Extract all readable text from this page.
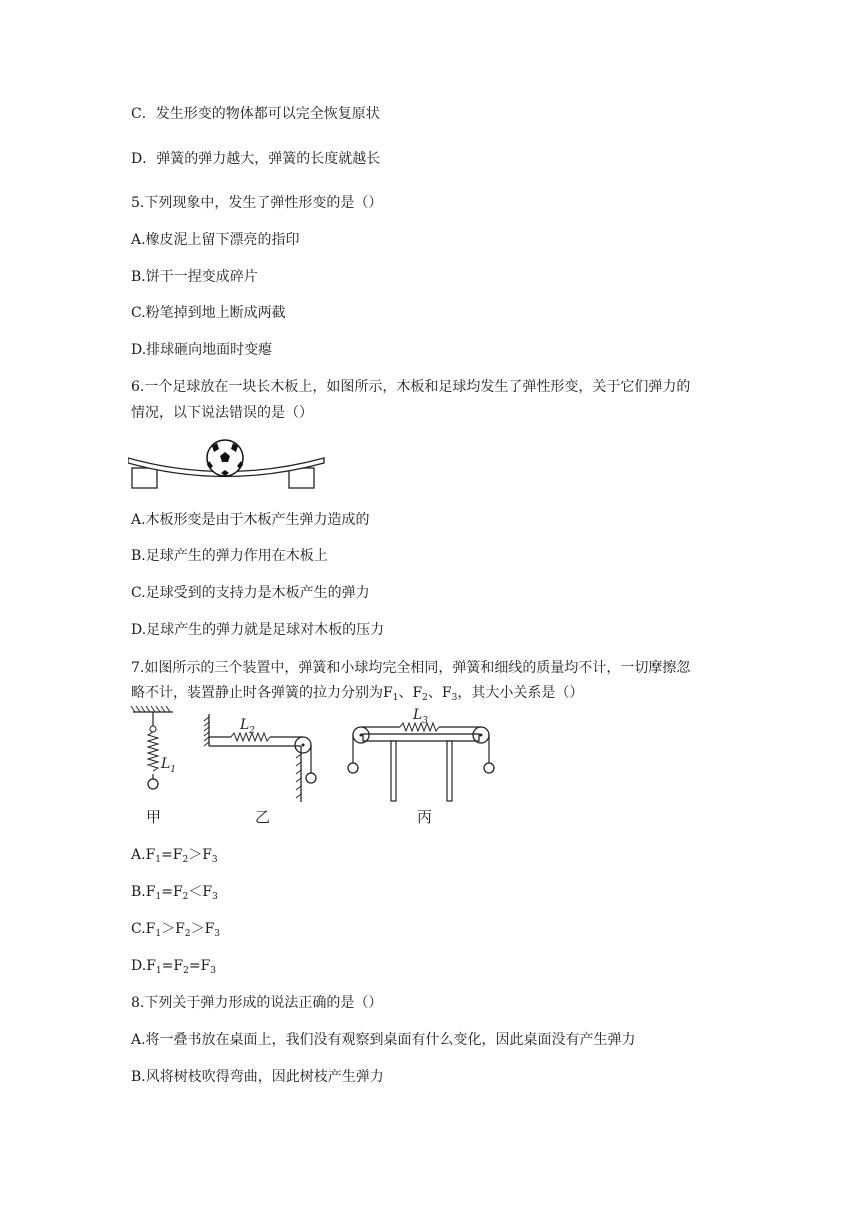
C．发生形变的物体都可以完全恢复原状
D．弹簧的弹力越大，弹簧的长度就越长
5.下列现象中，发生了弹性形变的是（）
A.橡皮泥上留下漂亮的指印
B.饼干一捏变成碎片
C.粉笔掉到地上断成两截
D.排球砸向地面时变瘪
6.一个足球放在一块长木板上，如图所示，木板和足球均发生了弹性形变，关于它们弹力的
情况，以下说法错误的是（）
A.木板形变是由于木板产生弹力造成的
B.足球产生的弹力作用在木板上
C.足球受到的支持力是木板产生的弹力
D.足球产生的弹力就是足球对木板的压力
7.如图所示的三个装置中，弹簧和小球均完全相同，弹簧和细线的质量均不计，一切摩擦忽
略不计，装置静止时各弹簧的拉力分别为$F_1$、$F_2$、$F_3$，其大小关系是（）
$L_1$
$L_2$
$L_3$
甲	乙	丙
$A.F_1=F_2>F_3$
$B.F_1=F_2<F_3$
$C.F_1>F_2>F_3$
$D.F_1=F_2=F_3$
8.下列关于弹力形成的说法正确的是（）
A.将一叠书放在桌面上，我们没有观察到桌面有什么变化，因此桌面没有产生弹力
B.风将树枝吹得弯曲，因此树枝产生弹力
